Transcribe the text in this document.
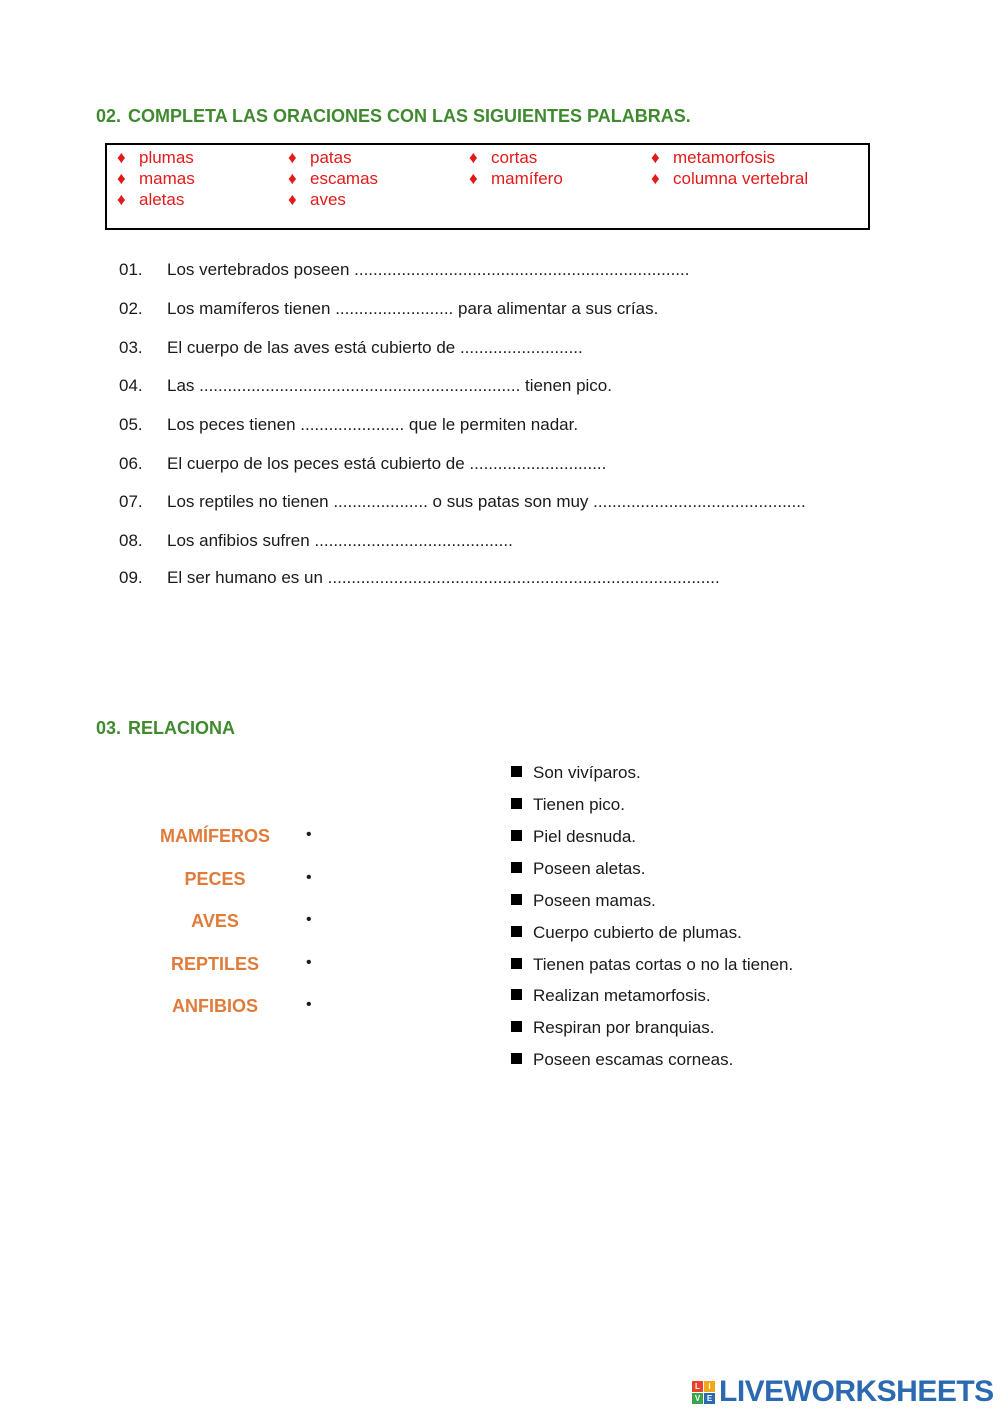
02. COMPLETA LAS ORACIONES CON LAS SIGUIENTES PALABRAS.
♦ plumas	♦ patas	♦ cortas	♦ metamorfosis
♦ mamas	♦ escamas	♦ mamífero	♦ columna vertebral
♦ aletas	♦ aves
01. Los vertebrados poseen .......................................................................
02. Los mamíferos tienen ......................... para alimentar a sus crías.
03. El cuerpo de las aves está cubierto de ..........................
04. Las .................................................................... tienen pico.
05. Los peces tienen ...................... que le permiten nadar.
06. El cuerpo de los peces está cubierto de .............................
07. Los reptiles no tienen .................... o sus patas son muy .............................................
08. Los anfibios sufren ..........................................
09. El ser humano es un ...................................................................................
03. RELACIONA
MAMÍFEROS
PECES
AVES
REPTILES
ANFIBIOS
•
•
•
•
•
Son vivíparos.
Tienen pico.
Piel desnuda.
Poseen aletas.
Poseen mamas.
Cuerpo cubierto de plumas.
Tienen patas cortas o no la tienen.
Realizan metamorfosis.
Respiran por branquias.
Poseen escamas corneas.
L	I
V E LIVEWORKSHEETS
